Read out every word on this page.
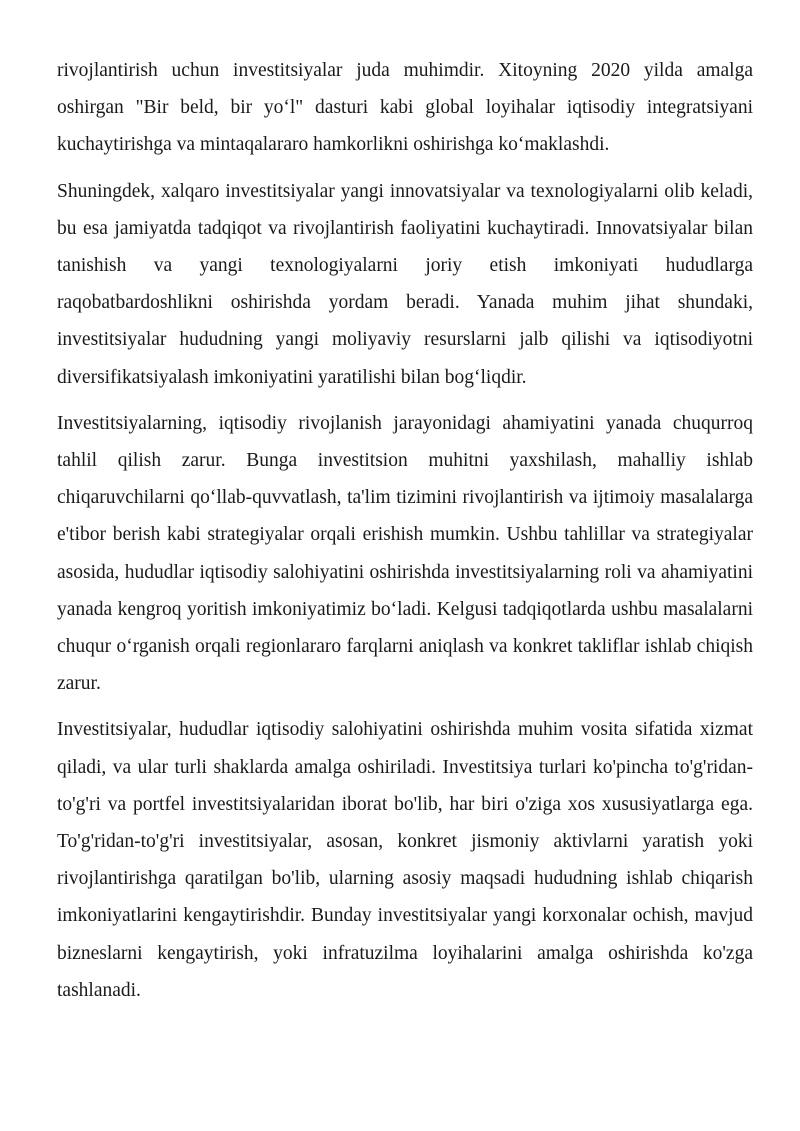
rivojlantirish uchun investitsiyalar juda muhimdir. Xitoyning 2020 yilda amalga oshirgan "Bir beld, bir yo‘l" dasturi kabi global loyihalar iqtisodiy integratsiyani kuchaytirishga va mintaqalararo hamkorlikni oshirishga ko‘maklashdi.

Shuningdek, xalqaro investitsiyalar yangi innovatsiyalar va texnologiyalarni olib keladi, bu esa jamiyatda tadqiqot va rivojlantirish faoliyatini kuchaytiradi. Innovatsiyalar bilan tanishish va yangi texnologiyalarni joriy etish imkoniyati hududlarga raqobatbardoshlikni oshirishda yordam beradi. Yanada muhim jihat shundaki, investitsiyalar hududning yangi moliyaviy resurslarni jalb qilishi va iqtisodiyotni diversifikatsiyalash imkoniyatini yaratilishi bilan bog‘liqdir.

Investitsiyalarning, iqtisodiy rivojlanish jarayonidagi ahamiyatini yanada chuqurroq tahlil qilish zarur. Bunga investitsion muhitni yaxshilash, mahalliy ishlab chiqaruvchilarni qo‘llab-quvvatlash, ta'lim tizimini rivojlantirish va ijtimoiy masalalarga e'tibor berish kabi strategiyalar orqali erishish mumkin. Ushbu tahlillar va strategiyalar asosida, hududlar iqtisodiy salohiyatini oshirishda investitsiyalarning roli va ahamiyatini yanada kengroq yoritish imkoniyatimiz bo‘ladi. Kelgusi tadqiqotlarda ushbu masalalarni chuqur o‘rganish orqali regionlararo farqlarni aniqlash va konkret takliflar ishlab chiqish zarur.

Investitsiyalar, hududlar iqtisodiy salohiyatini oshirishda muhim vosita sifatida xizmat qiladi, va ular turli shaklarda amalga oshiriladi. Investitsiya turlari ko'pincha to'g'ridan-to'g'ri va portfel investitsiyalaridan iborat bo'lib, har biri o'ziga xos xususiyatlarga ega. To'g'ridan-to'g'ri investitsiyalar, asosan, konkret jismoniy aktivlarni yaratish yoki rivojlantirishga qaratilgan bo'lib, ularning asosiy maqsadi hududning ishlab chiqarish imkoniyatlarini kengaytirishdir. Bunday investitsiyalar yangi korxonalar ochish, mavjud bizneslarni kengaytirish, yoki infratuzilma loyihalarini amalga oshirishda ko'zga tashlanadi.
